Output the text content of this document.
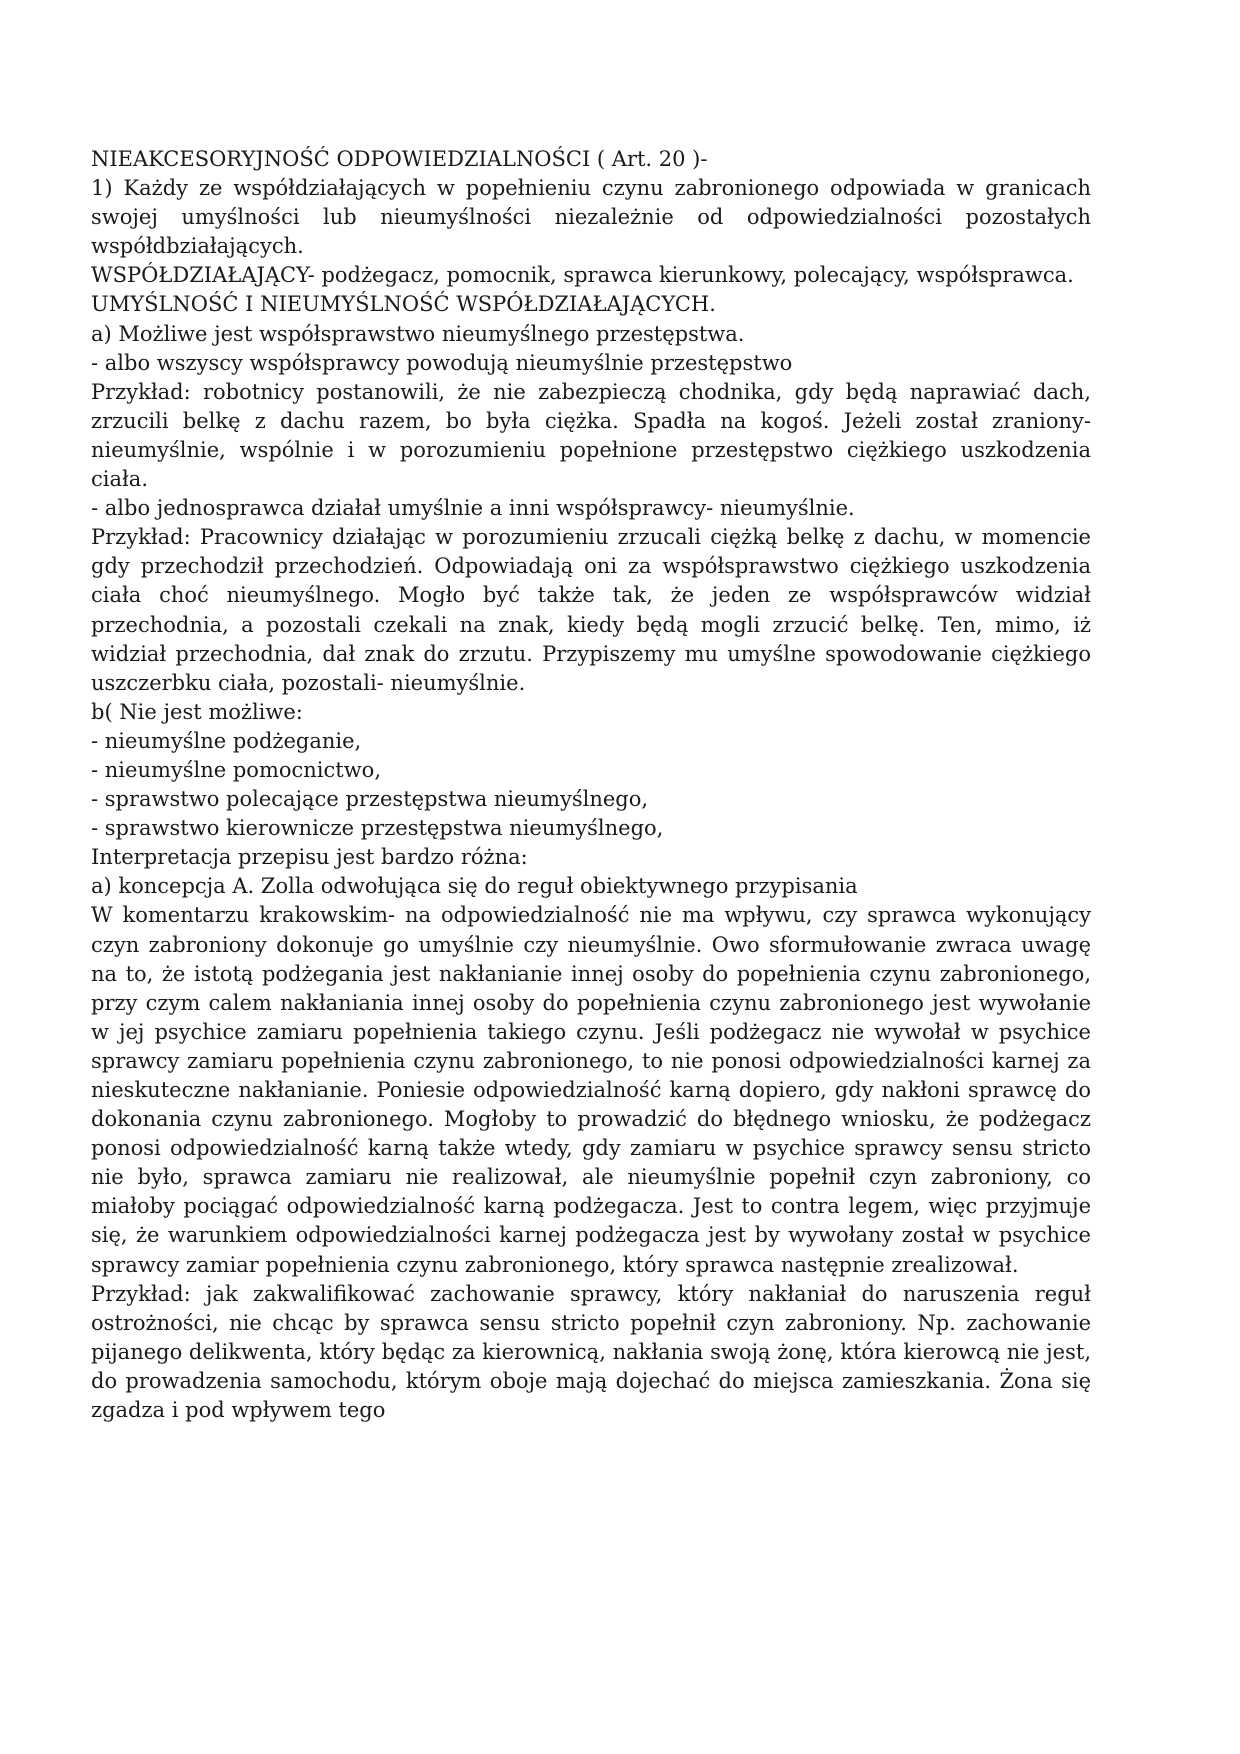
NIEAKCESORYJNOŚĆ ODPOWIEDZIALNOŚCI ( Art. 20 )-

1) Każdy ze współdziałających w popełnieniu czynu zabronionego odpowiada w granicach swojej umyślności lub nieumyślności niezależnie od odpowiedzialności pozostałych współdbziałających.

WSPÓŁDZIAŁAJĄCY- podżegacz, pomocnik, sprawca kierunkowy, polecający, współsprawca.

UMYŚLNOŚĆ I NIEUMYŚLNOŚĆ WSPÓŁDZIAŁAJĄCYCH.

a) Możliwe jest współsprawstwo nieumyślnego przestępstwa.

- albo wszyscy współsprawcy powodują nieumyślnie przestępstwo

Przykład: robotnicy postanowili, że nie zabezpieczą chodnika, gdy będą naprawiać dach, zrzucili belkę z dachu razem, bo była ciężka. Spadła na kogoś. Jeżeli został zraniony- nieumyślnie, wspólnie i w porozumieniu popełnione przestępstwo ciężkiego uszkodzenia ciała.

- albo jednosprawca działał umyślnie a inni współsprawcy- nieumyślnie.

Przykład: Pracownicy działając w porozumieniu zrzucali ciężką belkę z dachu, w momencie gdy przechodził przechodzień. Odpowiadają oni za współsprawstwo ciężkiego uszkodzenia ciała choć nieumyślnego. Mogło być także tak, że jeden ze współsprawców widział przechodnia, a pozostali czekali na znak, kiedy będą mogli zrzucić belkę. Ten, mimo, iż widział przechodnia, dał znak do zrzutu. Przypiszemy mu umyślne spowodowanie ciężkiego uszczerbku ciała, pozostali- nieumyślnie.

b( Nie jest możliwe:

- nieumyślne podżeganie,

- nieumyślne pomocnictwo,

- sprawstwo polecające przestępstwa nieumyślnego,

- sprawstwo kierownicze przestępstwa nieumyślnego,

Interpretacja przepisu jest bardzo różna:

a) koncepcja A. Zolla odwołująca się do reguł obiektywnego przypisania

W komentarzu krakowskim- na odpowiedzialność nie ma wpływu, czy sprawca wykonujący czyn zabroniony dokonuje go umyślnie czy nieumyślnie. Owo sformułowanie zwraca uwagę na to, że istotą podżegania jest nakłanianie innej osoby do popełnienia czynu zabronionego, przy czym calem nakłaniania innej osoby do popełnienia czynu zabronionego jest wywołanie w jej psychice zamiaru popełnienia takiego czynu. Jeśli podżegacz nie wywołał w psychice sprawcy zamiaru popełnienia czynu zabronionego, to nie ponosi odpowiedzialności karnej za nieskuteczne nakłanianie. Poniesie odpowiedzialność karną dopiero, gdy nakłoni sprawcę do dokonania czynu zabronionego. Mogłoby to prowadzić do błędnego wniosku, że podżegacz ponosi odpowiedzialność karną także wtedy, gdy zamiaru w psychice sprawcy sensu stricto nie było, sprawca zamiaru nie realizował, ale nieumyślnie popełnił czyn zabroniony, co miałoby pociągać odpowiedzialność karną podżegacza. Jest to contra legem, więc przyjmuje się, że warunkiem odpowiedzialności karnej podżegacza jest by wywołany został w psychice sprawcy zamiar popełnienia czynu zabronionego, który sprawca następnie zrealizował.

Przykład: jak zakwalifikować zachowanie sprawcy, który nakłaniał do naruszenia reguł ostrożności, nie chcąc by sprawca sensu stricto popełnił czyn zabroniony. Np. zachowanie pijanego delikwenta, który będąc za kierownicą, nakłania swoją żonę, która kierowcą nie jest, do prowadzenia samochodu, którym oboje mają dojechać do miejsca zamieszkania. Żona się zgadza i pod wpływem tego
